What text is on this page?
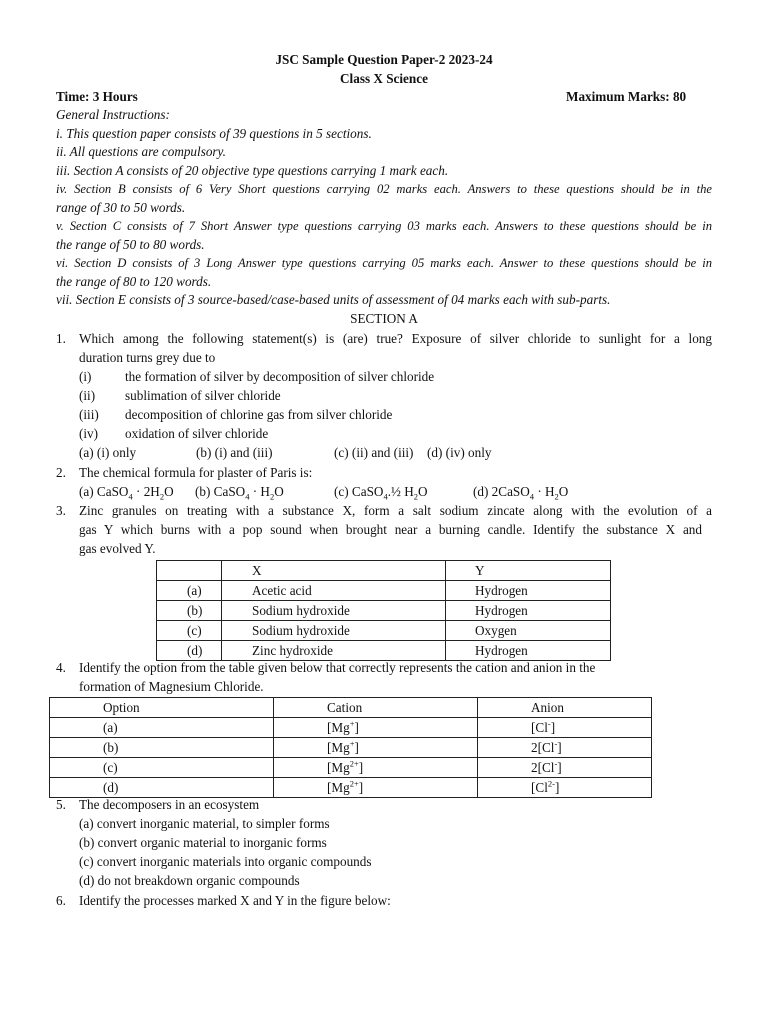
JSC Sample Question Paper-2 2023-24
Class X Science
Time: 3 Hours	Maximum Marks: 80
General Instructions:
i. This question paper consists of 39 questions in 5 sections.
ii. All questions are compulsory.
iii. Section A consists of 20 objective type questions carrying 1 mark each.
iv. Section B consists of 6 Very Short questions carrying 02 marks each. Answers to these questions should be in the
range of 30 to 50 words.
v. Section C consists of 7 Short Answer type questions carrying 03 marks each. Answers to these questions should be in
the range of 50 to 80 words.
vi. Section D consists of 3 Long Answer type questions carrying 05 marks each. Answer to these questions should be in
the range of 80 to 120 words.
vii. Section E consists of 3 source-based/case-based units of assessment of 04 marks each with sub-parts.
SECTION A
1. Which among the following statement(s) is (are) true? Exposure of silver chloride to sunlight for a long
duration turns grey due to
(i)	the formation of silver by decomposition of silver chloride
(ii) sublimation of silver chloride
(iii) decomposition of chlorine gas from silver chloride
(iv) oxidation of silver chloride
(a) (i) only	(b) (i) and (iii)	(c) (ii) and (iii) (d) (iv) only
2. The chemical formula for plaster of Paris is:
(a) CaSO$_4$ · $2H_2O$ (b) CaSO$_4$ · $H_2O$	(c) CaSO$_4$.½ $H_2O$	(d) 2CaSO$_4$ · $H_2O$
3. Zinc granules on treating with a substance X, form a salt sodium zincate along with the evolution of a
gas Y which burns with a pop sound when brought near a burning candle. Identify the substance X and
gas evolved Y.
	X	Y
(a)	Acetic acid	Hydrogen
(b)	Sodium hydroxide	Hydrogen
(c)	Sodium hydroxide	Oxygen
(d)	Zinc hydroxide	Hydrogen
4. Identify the option from the table given below that correctly represents the cation and anion in the
formation of Magnesium Chloride.
Option	Cation	Anion
(a)	[Mg+]	[Cl-]
(b)	[Mg+]	2[Cl-]
(c)	$[Mg^{2+}]$	2[Cl-]
(d)	$[Mg^{2+}]$	$[Cl^{2-}]$
5. The decomposers in an ecosystem
(a) convert inorganic material, to simpler forms
(b) convert organic material to inorganic forms
(c) convert inorganic materials into organic compounds
(d) do not breakdown organic compounds
6. Identify the processes marked X and Y in the figure below:
